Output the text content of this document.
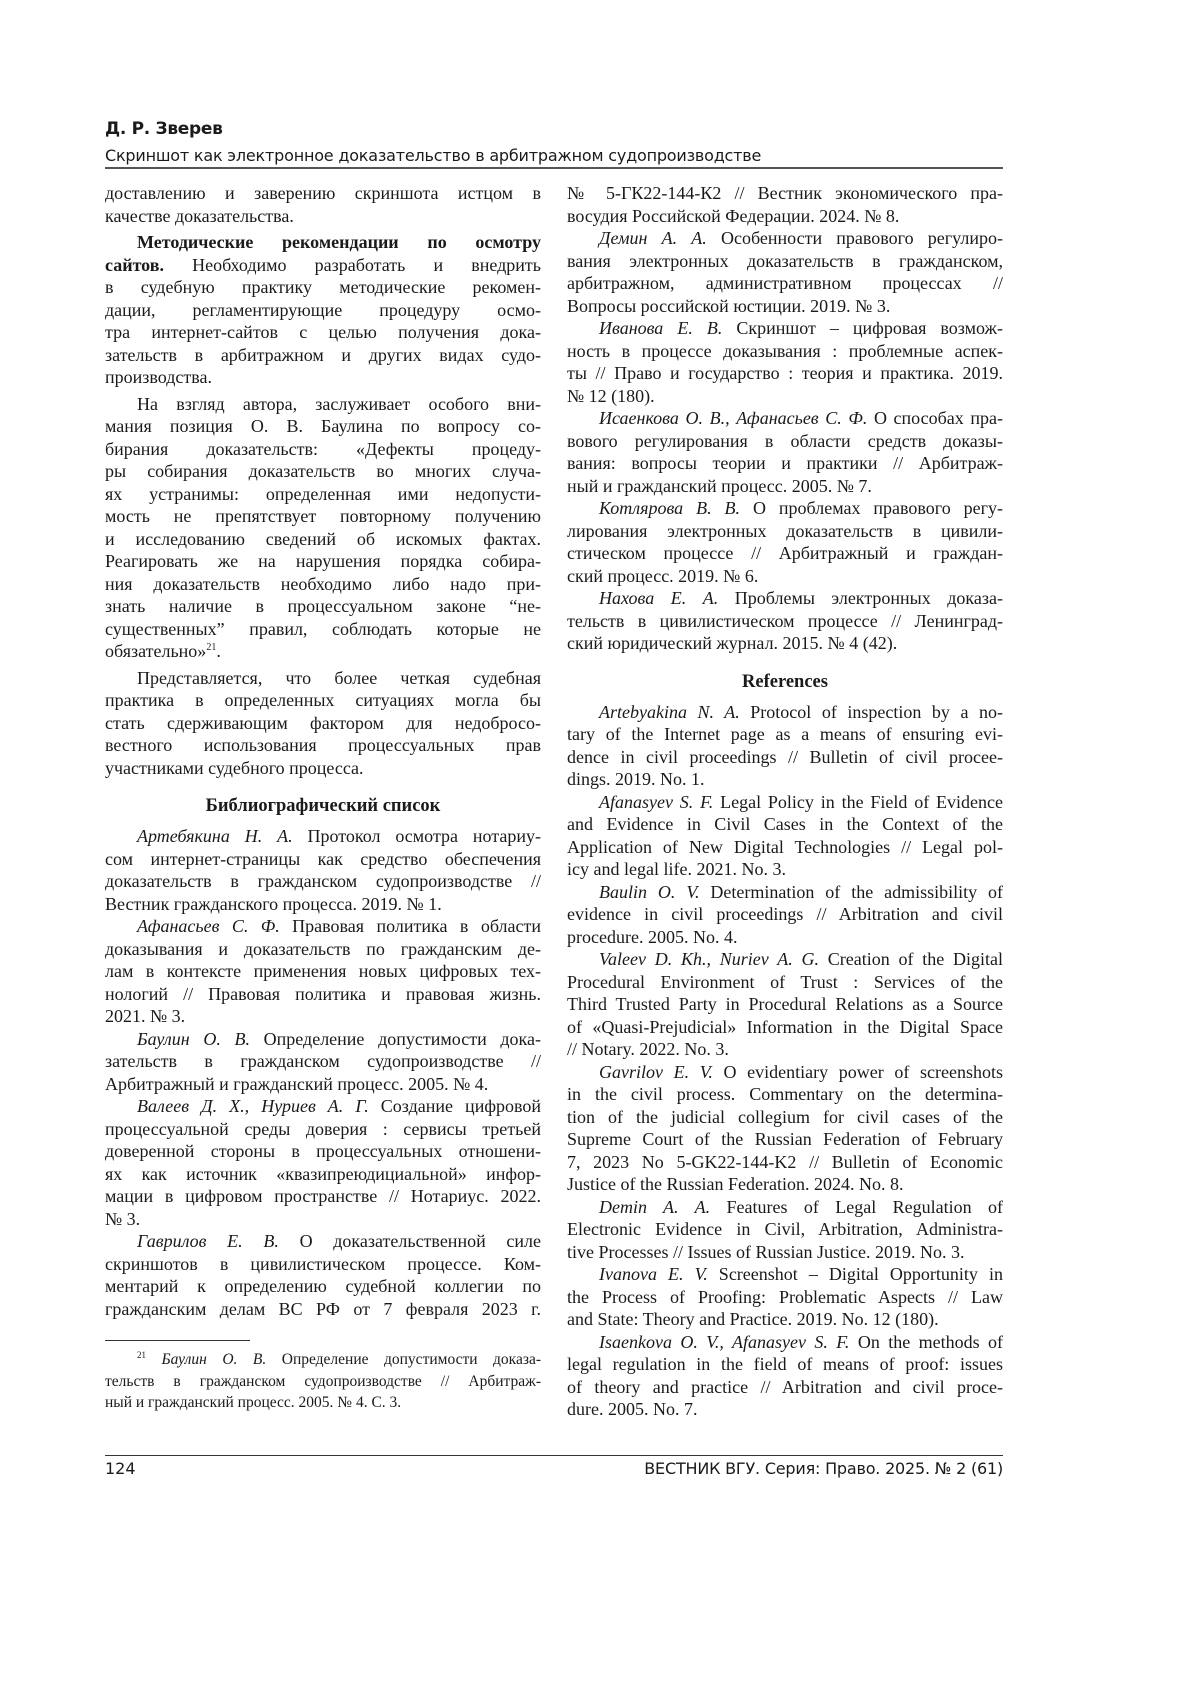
Д. Р. Зверев
Скриншот как электронное доказательство в арбитражном судопроизводстве
доставлению и заверению скриншота истцом в
качестве доказательства.
Методические рекомендации по осмотру
сайтов. Необходимо разработать и внедрить
в судебную практику методические рекомен-
дации, регламентирующие процедуру осмо-
тра интернет-сайтов с целью получения дока-
зательств в арбитражном и других видах судо-
производства.
На взгляд автора, заслуживает особого вни-
мания позиция О. В. Баулина по вопросу со-
бирания доказательств: «Дефекты процеду-
ры собирания доказательств во многих случа-
ях устранимы: определенная ими недопусти-
мость не препятствует повторному получению
и исследованию сведений об искомых фактах.
Реагировать же на нарушения порядка собира-
ния доказательств необходимо либо надо при-
знать наличие в процессуальном законе “не-
существенных” правил, соблюдать которые не
обязательно»21.
Представляется, что более четкая судебная
практика в определенных ситуациях могла бы
стать сдерживающим фактором для недобросо-
вестного использования процессуальных прав
участниками судебного процесса.
Библиографический список
Артебякина Н. А. Протокол осмотра нотариу-
сом интернет-страницы как средство обеспечения
доказательств в гражданском судопроизводстве //
Вестник гражданского процесса. 2019. № 1.
Афанасьев С. Ф. Правовая политика в области
доказывания и доказательств по гражданским де-
лам в контексте применения новых цифровых тех-
нологий // Правовая политика и правовая жизнь.
2021. № 3.
Баулин О. В. Определение допустимости дока-
зательств в гражданском судопроизводстве //
Арбитражный и гражданский процесс. 2005. № 4.
Валеев Д. Х., Нуриев А. Г. Создание цифровой
процессуальной среды доверия : сервисы третьей
доверенной стороны в процессуальных отношени-
ях как источник «квазипреюдициальной» инфор-
мации в цифровом пространстве // Нотариус. 2022.
№ 3.
Гаврилов Е. В. О доказательственной силе
скриншотов в цивилистическом процессе. Ком-
ментарий к определению судебной коллегии по
гражданским делам ВС РФ от 7 февраля 2023 г.
21 Баулин О. В. Определение допустимости доказа-
тельств в гражданском судопроизводстве // Арбитраж-
ный и гражданский процесс. 2005. № 4. С. 3.
№ 5-ГК22-144-К2 // Вестник экономического пра-
восудия Российской Федерации. 2024. № 8.
Демин А. А. Особенности правового регулиро-
вания электронных доказательств в гражданском,
арбитражном, административном процессах //
Вопросы российской юстиции. 2019. № 3.
Иванова Е. В. Скриншот – цифровая возмож-
ность в процессе доказывания : проблемные аспек-
ты // Право и государство : теория и практика. 2019.
№ 12 (180).
Исаенкова О. В., Афанасьев С. Ф. О способах пра-
вового регулирования в области средств доказы-
вания: вопросы теории и практики // Арбитраж-
ный и гражданский процесс. 2005. № 7.
Котлярова В. В. О проблемах правового регу-
лирования электронных доказательств в цивили-
стическом процессе // Арбитражный и граждан-
ский процесс. 2019. № 6.
Нахова Е. А. Проблемы электронных доказа-
тельств в цивилистическом процессе // Ленинград-
ский юридический журнал. 2015. № 4 (42).
References
Artebyakina N. A. Protocol of inspection by a no-
tary of the Internet page as a means of ensuring evi-
dence in civil proceedings // Bulletin of civil procee-
dings. 2019. No. 1.
Afanasyev S. F. Legal Policy in the Field of Evidence
and Evidence in Civil Cases in the Context of the
Application of New Digital Technologies // Legal pol-
icy and legal life. 2021. No. 3.
Baulin O. V. Determination of the admissibility of
evidence in civil proceedings // Arbitration and civil
procedure. 2005. No. 4.
Valeev D. Kh., Nuriev A. G. Creation of the Digital
Procedural Environment of Trust : Services of the
Third Trusted Party in Procedural Relations as a Source
of «Quasi-Prejudicial» Information in the Digital Space
// Notary. 2022. No. 3.
Gavrilov E. V. O evidentiary power of screenshots
in the civil process. Commentary on the determina-
tion of the judicial collegium for civil cases of the
Supreme Court of the Russian Federation of February
7, 2023 No 5-GK22-144-K2 // Bulletin of Economic
Justice of the Russian Federation. 2024. No. 8.
Demin A. A. Features of Legal Regulation of
Electronic Evidence in Civil, Arbitration, Administra-
tive Processes // Issues of Russian Justice. 2019. No. 3.
Ivanova E. V. Screenshot – Digital Opportunity in
the Process of Proofing: Problematic Aspects // Law
and State: Theory and Practice. 2019. No. 12 (180).
Isaenkova O. V., Afanasyev S. F. On the methods of
legal regulation in the field of means of proof: issues
of theory and practice // Arbitration and civil proce-
dure. 2005. No. 7.
124	ВЕСТНИК ВГУ. Серия: Право. 2025. № 2 (61)
